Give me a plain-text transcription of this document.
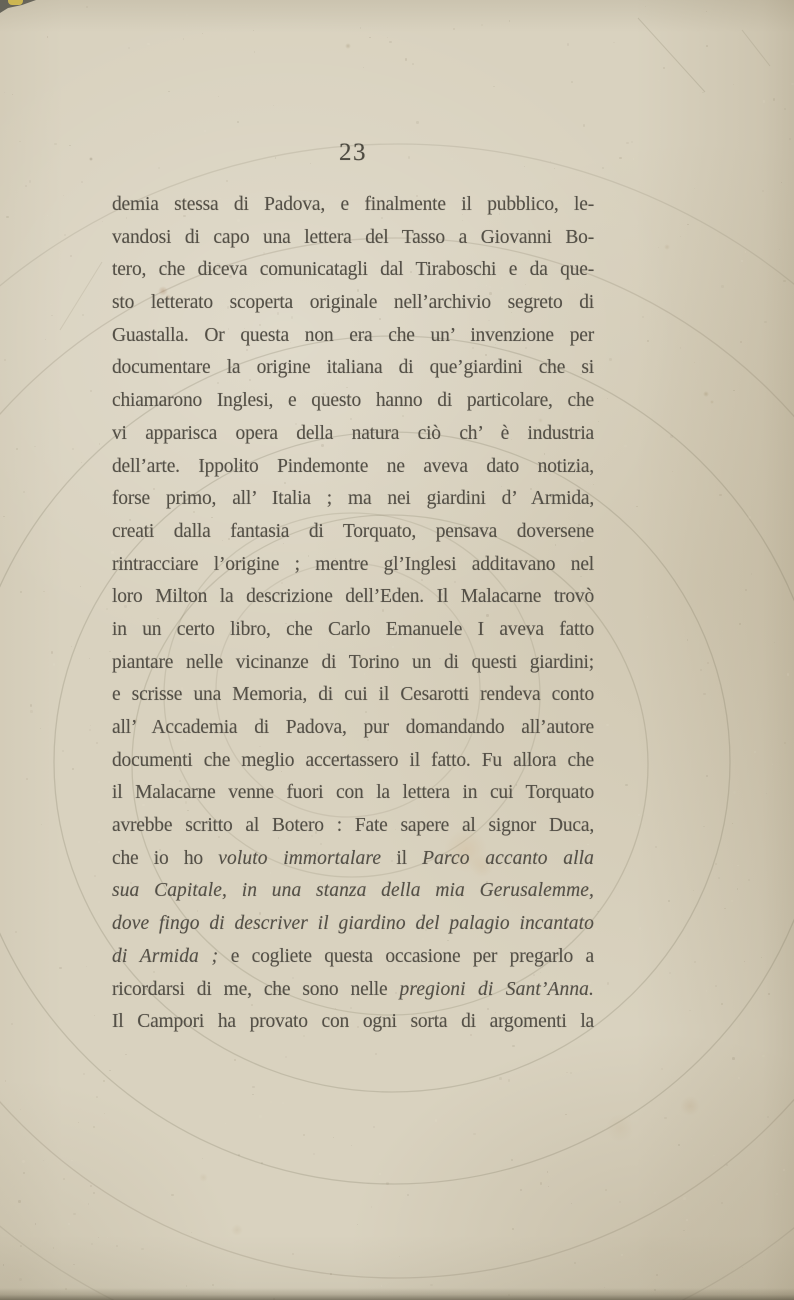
23
demia stessa di Padova, e finalmente il pubblico, le-
vandosi di capo una lettera del Tasso a Giovanni Bo-
tero, che diceva comunicatagli dal Tiraboschi e da que-
sto letterato scoperta originale nell’archivio segreto di
Guastalla. Or questa non era che un’ invenzione per
documentare la origine italiana di que’giardini che si
chiamarono Inglesi, e questo hanno di particolare, che
vi apparisca opera della natura ciò ch’ è industria
dell’arte. Ippolito Pindemonte ne aveva dato notizia,
forse primo, all’ Italia ; ma nei giardini d’ Armida,
creati dalla fantasia di Torquato, pensava doversene
rintracciare l’origine ; mentre gl’Inglesi additavano nel
loro Milton la descrizione dell’Eden. Il Malacarne trovò
in un certo libro, che Carlo Emanuele I aveva fatto
piantare nelle vicinanze di Torino un di questi giardini;
e scrisse una Memoria, di cui il Cesarotti rendeva conto
all’ Accademia di Padova, pur domandando all’autore
documenti che meglio accertassero il fatto. Fu allora che
il Malacarne venne fuori con la lettera in cui Torquato
avrebbe scritto al Botero : Fate sapere al signor Duca,
che io ho voluto immortalare il Parco accanto alla
sua Capitale, in una stanza della mia Gerusalemme,
dove fingo di descriver il giardino del palagio incantato
di Armida ; e cogliete questa occasione per pregarlo a
ricordarsi di me, che sono nelle pregioni di Sant’Anna.
Il Campori ha provato con ogni sorta di argomenti la
